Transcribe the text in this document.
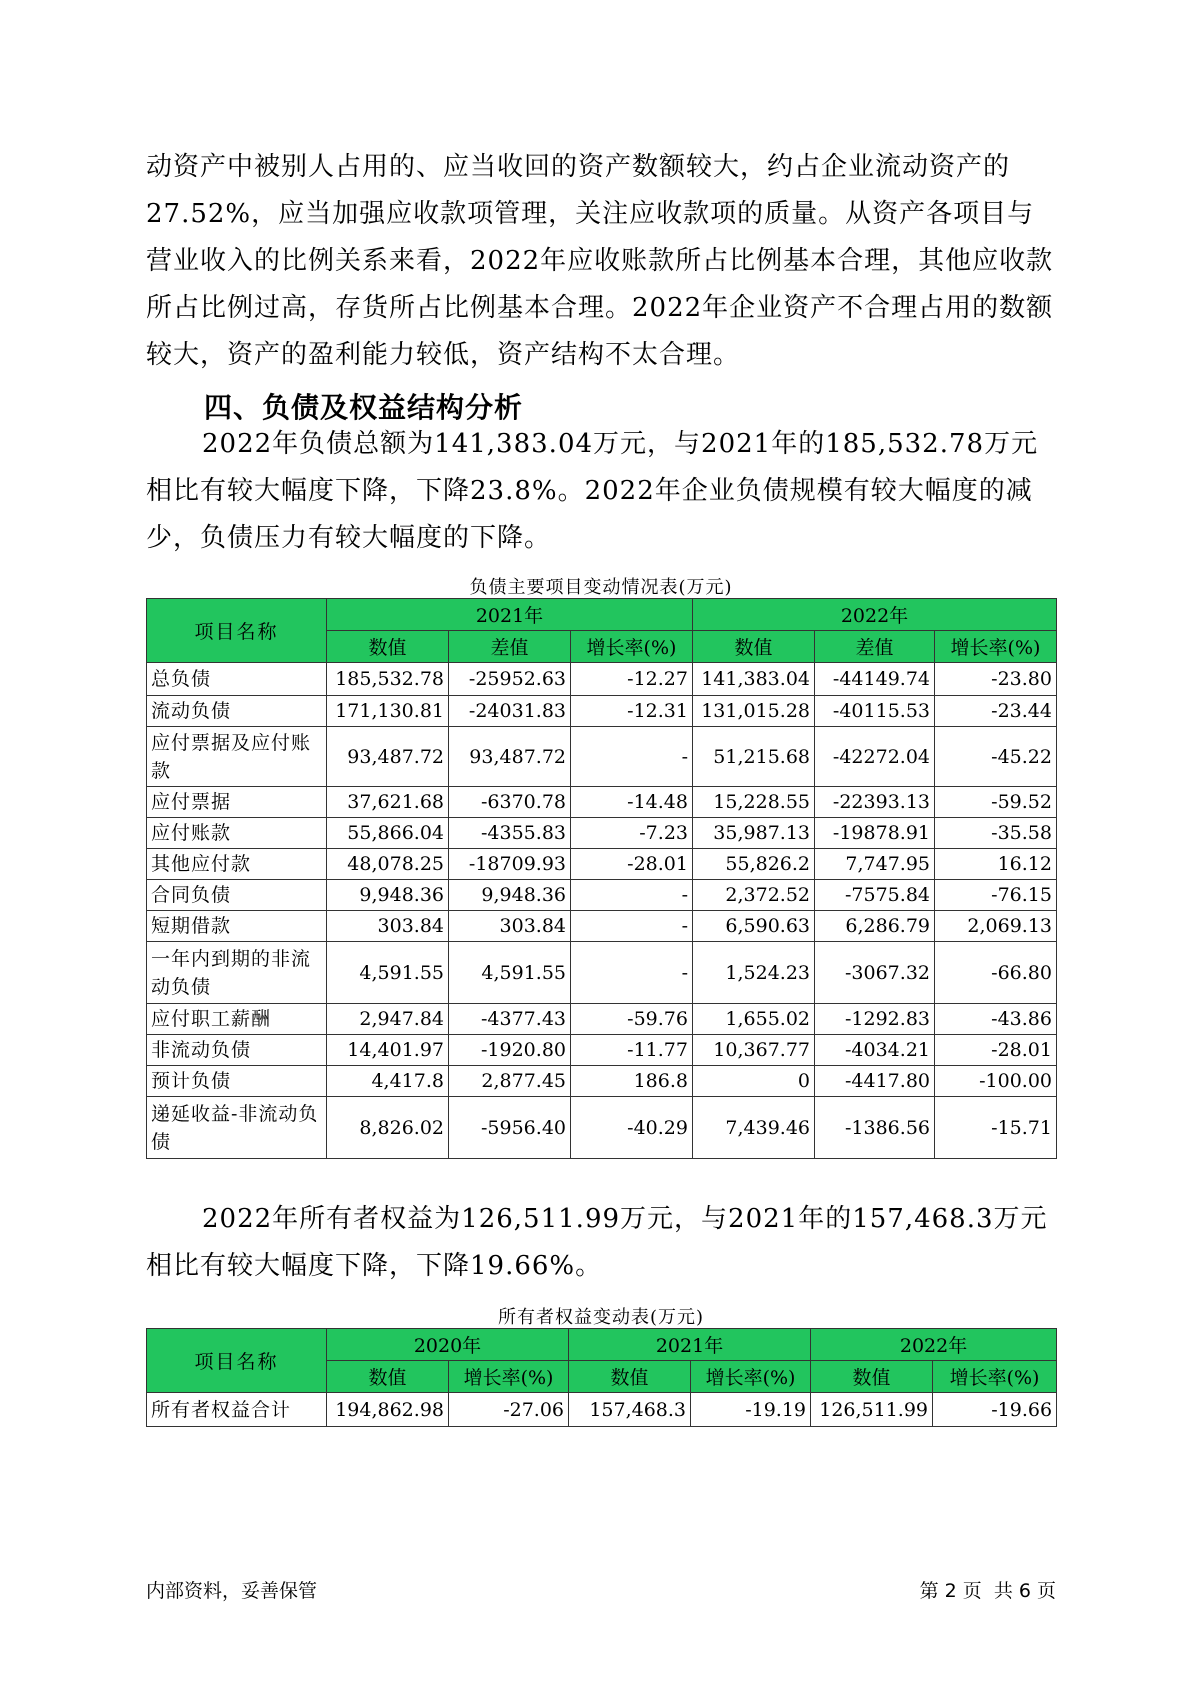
动资产中被别人占用的、应当收回的资产数额较大，约占企业流动资产的27.52%，应当加强应收款项管理，关注应收款项的质量。从资产各项目与营业收入的比例关系来看，2022年应收账款所占比例基本合理，其他应收款所占比例过高，存货所占比例基本合理。2022年企业资产不合理占用的数额较大，资产的盈利能力较低，资产结构不太合理。

四、负债及权益结构分析

2022年负债总额为141,383.04万元，与2021年的185,532.78万元相比有较大幅度下降，下降23.8%。2022年企业负债规模有较大幅度的减少，负债压力有较大幅度的下降。

负债主要项目变动情况表(万元)
项目名称	2021年			2022年		
	数值	差值	增长率(%)	数值	差值	增长率(%)
总负债	185,532.78	-25952.63	-12.27	141,383.04	-44149.74	-23.80
流动负债	171,130.81	-24031.83	-12.31	131,015.28	-40115.53	-23.44
应付票据及应付账款	93,487.72	93,487.72	-	51,215.68	-42272.04	-45.22
应付票据	37,621.68	-6370.78	-14.48	15,228.55	-22393.13	-59.52
应付账款	55,866.04	-4355.83	-7.23	35,987.13	-19878.91	-35.58
其他应付款	48,078.25	-18709.93	-28.01	55,826.2	7,747.95	16.12
合同负债	9,948.36	9,948.36	-	2,372.52	-7575.84	-76.15
短期借款	303.84	303.84	-	6,590.63	6,286.79	2,069.13
一年内到期的非流动负债	4,591.55	4,591.55	-	1,524.23	-3067.32	-66.80
应付职工薪酬	2,947.84	-4377.43	-59.76	1,655.02	-1292.83	-43.86
非流动负债	14,401.97	-1920.80	-11.77	10,367.77	-4034.21	-28.01
预计负债	4,417.8	2,877.45	186.8	0	-4417.80	-100.00
递延收益-非流动负债	8,826.02	-5956.40	-40.29	7,439.46	-1386.56	-15.71

2022年所有者权益为126,511.99万元，与2021年的157,468.3万元相比有较大幅度下降，下降19.66%。

所有者权益变动表(万元)
项目名称	2020年		2021年		2022年	
	数值	增长率(%)	数值	增长率(%)	数值	增长率(%)
所有者权益合计	194,862.98	-27.06	157,468.3	-19.19	126,511.99	-19.66
内部资料，妥善保管	第 2 页  共 6 页
